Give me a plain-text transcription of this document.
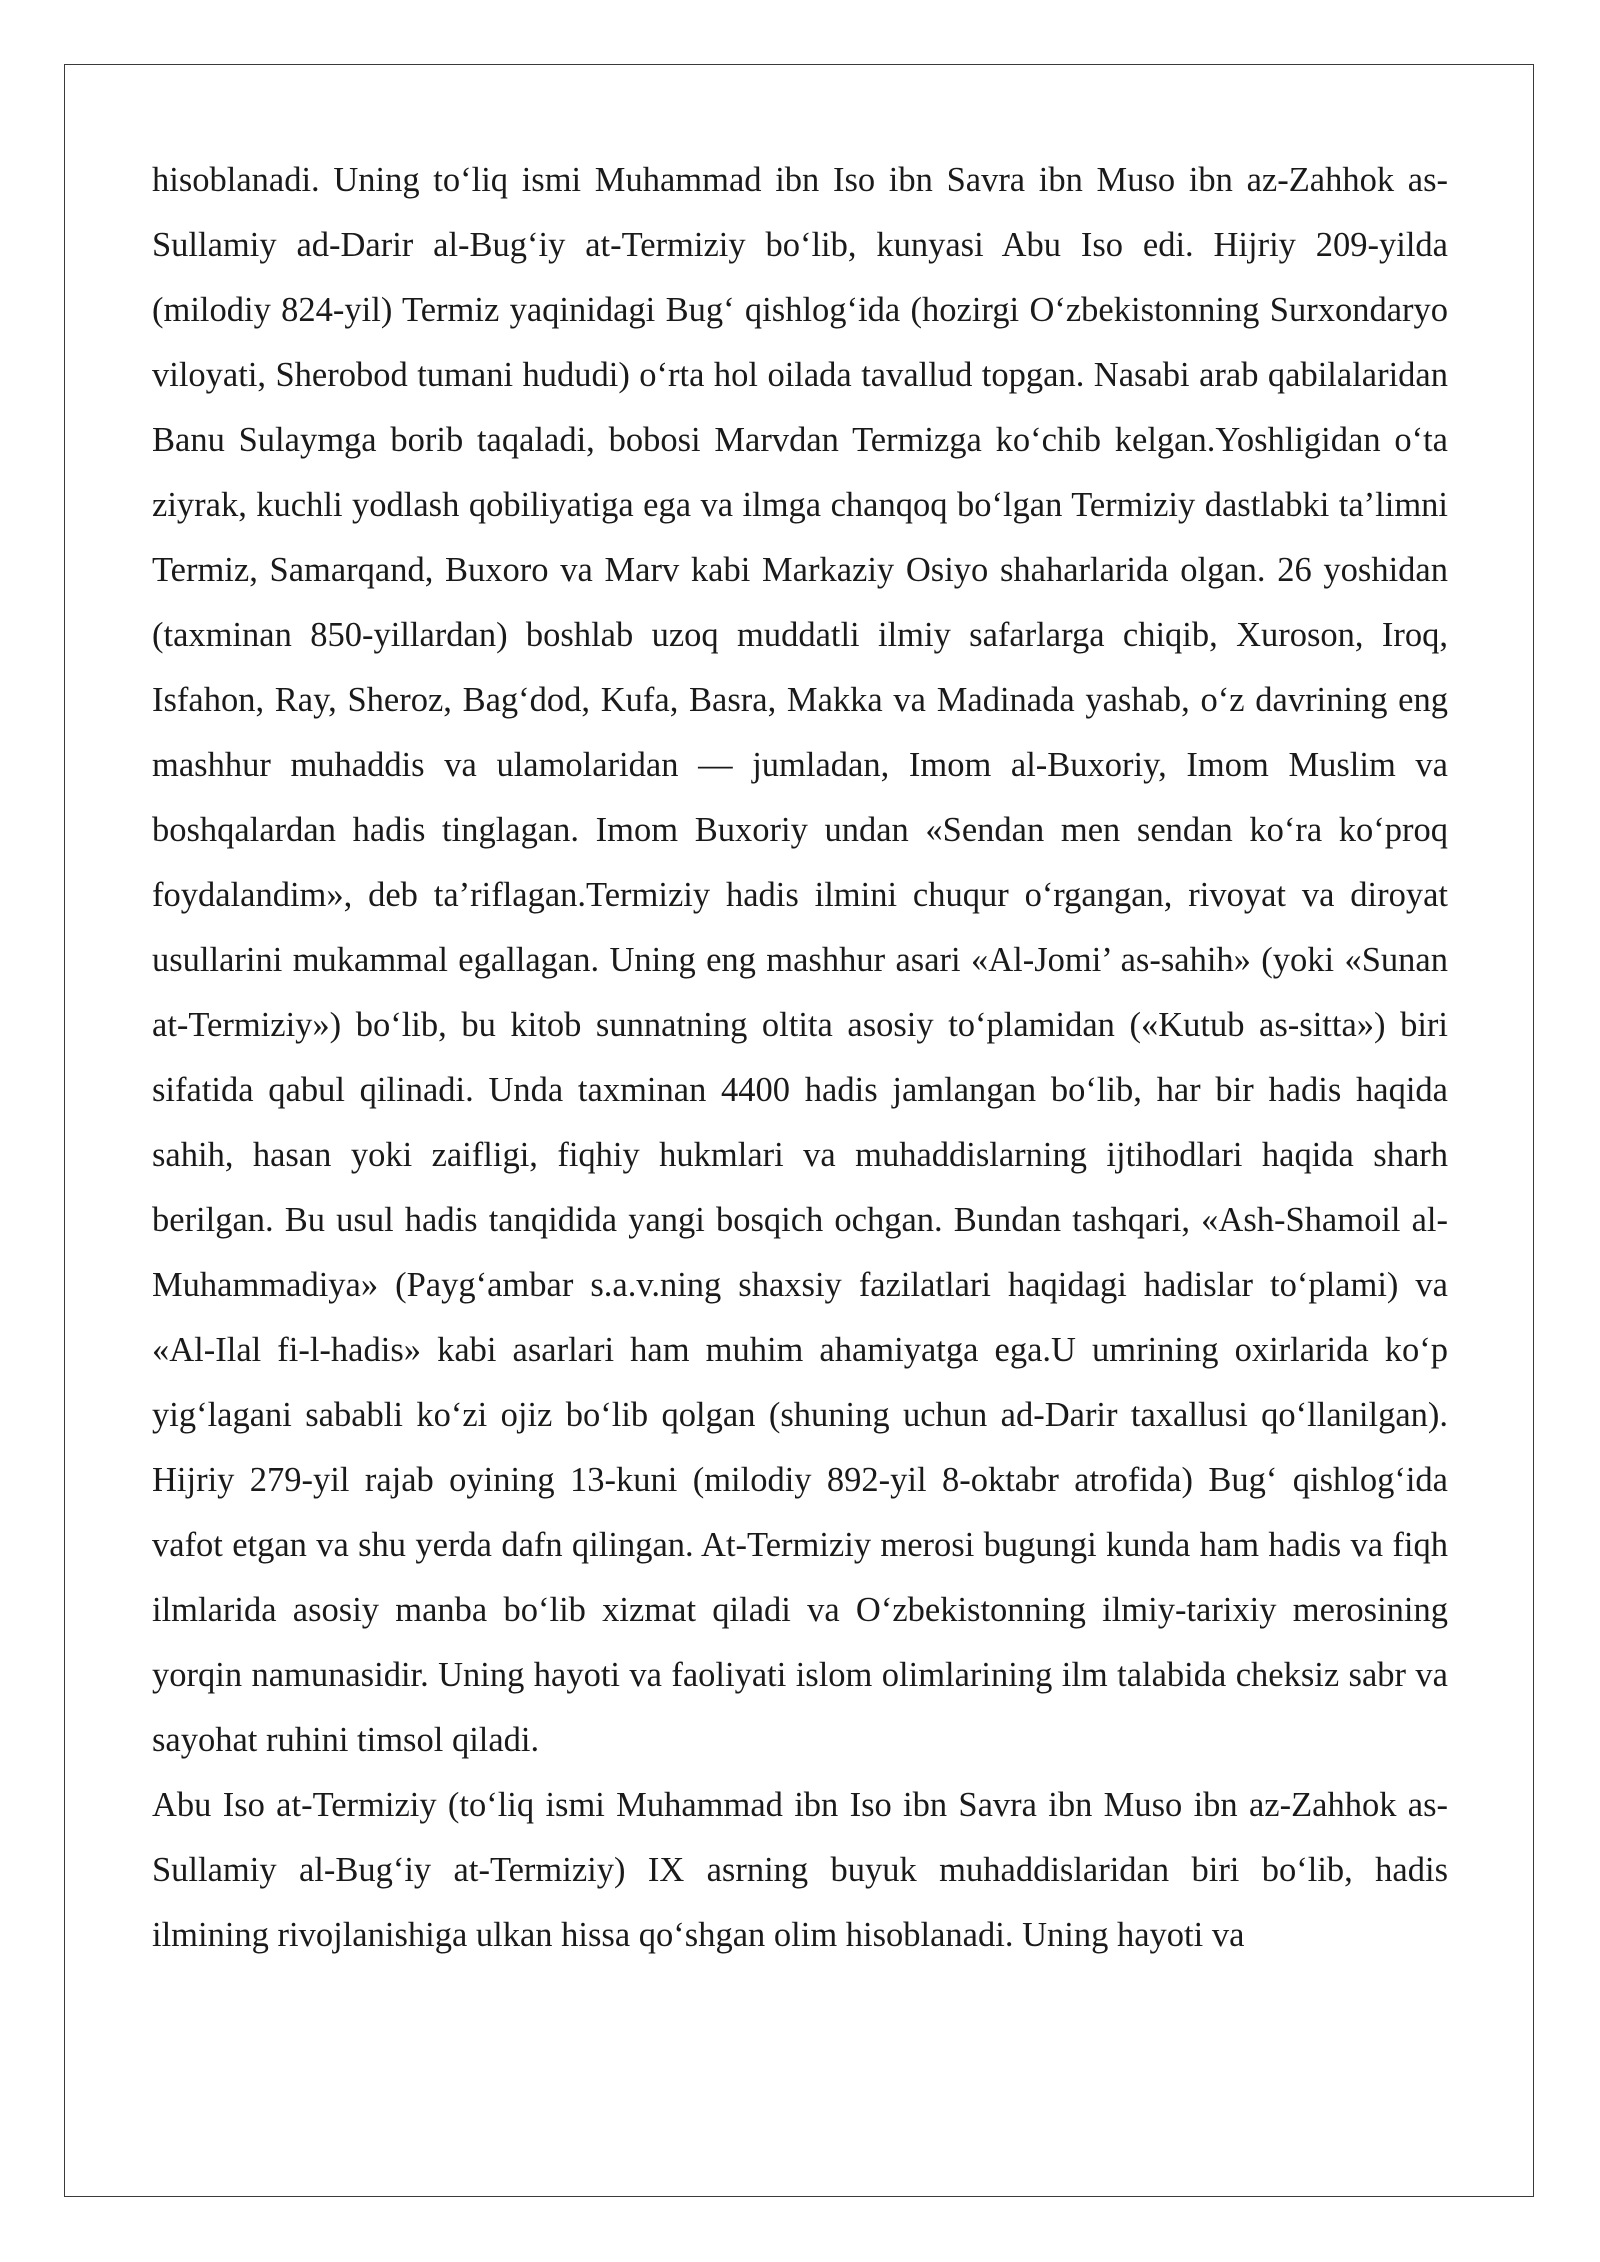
hisoblanadi. Uning to‘liq ismi Muhammad ibn Iso ibn Savra ibn Muso ibn az-Zahhok as-Sullamiy ad-Darir al-Bug‘iy at-Termiziy bo‘lib, kunyasi Abu Iso edi. Hijriy 209-yilda (milodiy 824-yil) Termiz yaqinidagi Bug‘ qishlog‘ida (hozirgi O‘zbekistonning Surxondaryo viloyati, Sherobod tumani hududi) o‘rta hol oilada tavallud topgan. Nasabi arab qabilalaridan Banu Sulaymga borib taqaladi, bobosi Marvdan Termizga ko‘chib kelgan.Yoshligidan o‘ta ziyrak, kuchli yodlash qobiliyatiga ega va ilmga chanqoq bo‘lgan Termiziy dastlabki ta’limni Termiz, Samarqand, Buxoro va Marv kabi Markaziy Osiyo shaharlarida olgan. 26 yoshidan (taxminan 850-yillardan) boshlab uzoq muddatli ilmiy safarlarga chiqib, Xuroson, Iroq, Isfahon, Ray, Sheroz, Bag‘dod, Kufa, Basra, Makka va Madinada yashab, o‘z davrining eng mashhur muhaddis va ulamolaridan — jumladan, Imom al-Buxoriy, Imom Muslim va boshqalardan hadis tinglagan. Imom Buxoriy undan «Sendan men sendan ko‘ra ko‘proq foydalandim», deb ta’riflagan.Termiziy hadis ilmini chuqur o‘rgangan, rivoyat va diroyat usullarini mukammal egallagan. Uning eng mashhur asari «Al-Jomi’ as-sahih» (yoki «Sunan at-Termiziy») bo‘lib, bu kitob sunnatning oltita asosiy to‘plamidan («Kutub as-sitta») biri sifatida qabul qilinadi. Unda taxminan 4400 hadis jamlangan bo‘lib, har bir hadis haqida sahih, hasan yoki zaifligi, fiqhiy hukmlari va muhaddislarning ijtihodlari haqida sharh berilgan. Bu usul hadis tanqidida yangi bosqich ochgan. Bundan tashqari, «Ash-Shamoil al-Muhammadiya» (Payg‘ambar s.a.v.ning shaxsiy fazilatlari haqidagi hadislar to‘plami) va «Al-Ilal fi-l-hadis» kabi asarlari ham muhim ahamiyatga ega.U umrining oxirlarida ko‘p yig‘lagani sababli ko‘zi ojiz bo‘lib qolgan (shuning uchun ad-Darir taxallusi qo‘llanilgan). Hijriy 279-yil rajab oyining 13-kuni (milodiy 892-yil 8-oktabr atrofida) Bug‘ qishlog‘ida vafot etgan va shu yerda dafn qilingan. At-Termiziy merosi bugungi kunda ham hadis va fiqh ilmlarida asosiy manba bo‘lib xizmat qiladi va O‘zbekistonning ilmiy-tarixiy merosining yorqin namunasidir. Uning hayoti va faoliyati islom olimlarining ilm talabida cheksiz sabr va sayohat ruhini timsol qiladi.

Abu Iso at-Termiziy (to‘liq ismi Muhammad ibn Iso ibn Savra ibn Muso ibn az-Zahhok as-Sullamiy al-Bug‘iy at-Termiziy) IX asrning buyuk muhaddislaridan biri bo‘lib, hadis ilmining rivojlanishiga ulkan hissa qo‘shgan olim hisoblanadi. Uning hayoti va
